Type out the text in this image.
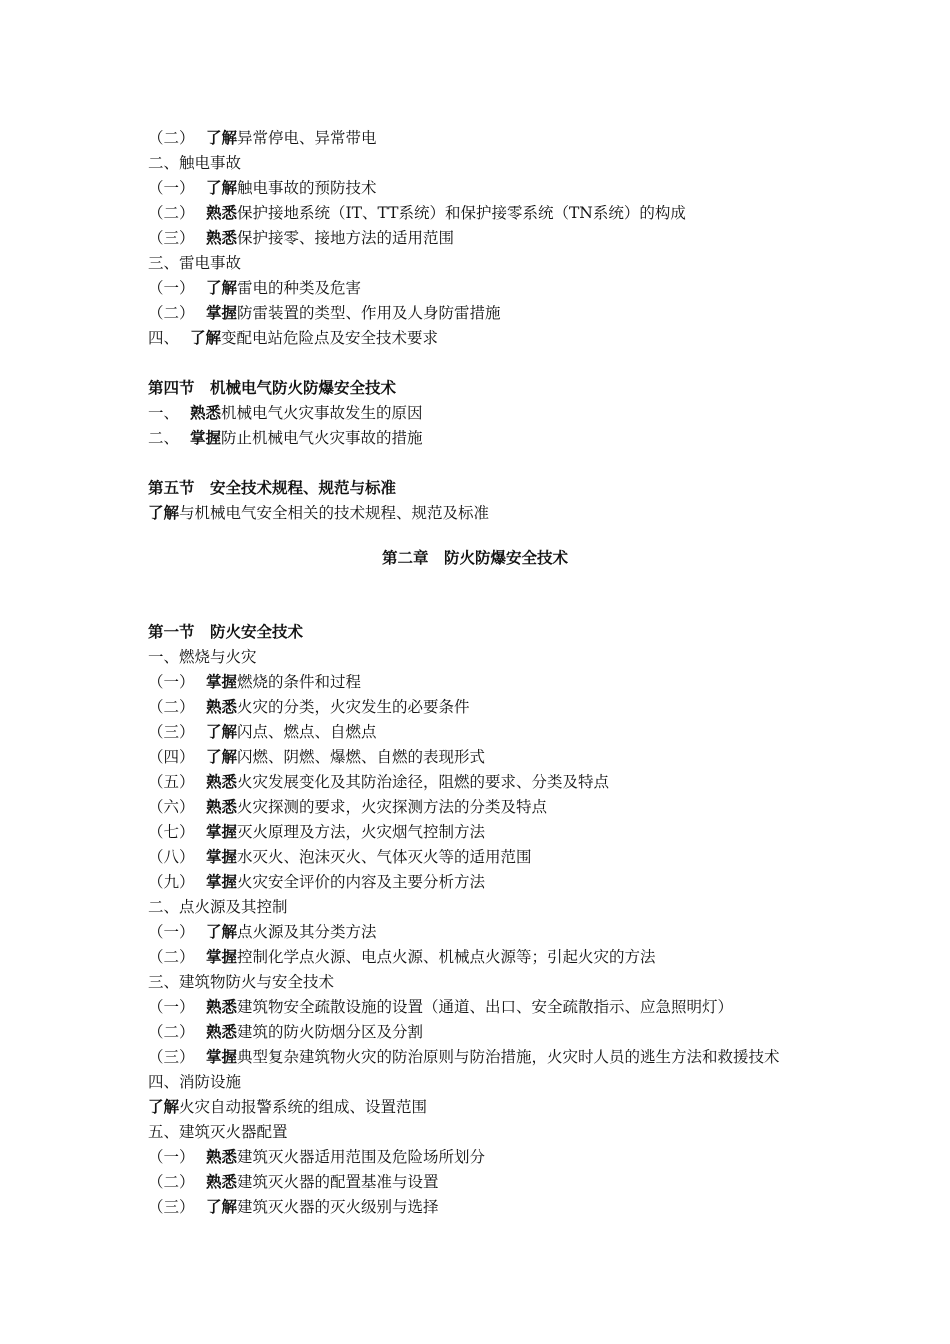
（二） 了解异常停电、异常带电
二、触电事故
（一） 了解触电事故的预防技术
（二） 熟悉保护接地系统（IT、TT系统）和保护接零系统（TN系统）的构成
（三） 熟悉保护接零、接地方法的适用范围
三、雷电事故
（一） 了解雷电的种类及危害
（二） 掌握防雷装置的类型、作用及人身防雷措施
四、 了解变配电站危险点及安全技术要求
第四节　机械电气防火防爆安全技术
一、 熟悉机械电气火灾事故发生的原因
二、 掌握防止机械电气火灾事故的措施
第五节　安全技术规程、规范与标准
了解与机械电气安全相关的技术规程、规范及标准
第二章　防火防爆安全技术
第一节　防火安全技术
一、燃烧与火灾
（一） 掌握燃烧的条件和过程
（二） 熟悉火灾的分类，火灾发生的必要条件
（三） 了解闪点、燃点、自燃点
（四） 了解闪燃、阴燃、爆燃、自燃的表现形式
（五） 熟悉火灾发展变化及其防治途径，阻燃的要求、分类及特点
（六） 熟悉火灾探测的要求，火灾探测方法的分类及特点
（七） 掌握灭火原理及方法，火灾烟气控制方法
（八） 掌握水灭火、泡沫灭火、气体灭火等的适用范围
（九） 掌握火灾安全评价的内容及主要分析方法
二、点火源及其控制
（一） 了解点火源及其分类方法
（二） 掌握控制化学点火源、电点火源、机械点火源等；引起火灾的方法
三、建筑物防火与安全技术
（一） 熟悉建筑物安全疏散设施的设置（通道、出口、安全疏散指示、应急照明灯）
（二） 熟悉建筑的防火防烟分区及分割
（三） 掌握典型复杂建筑物火灾的防治原则与防治措施，火灾时人员的逃生方法和救援技术
四、消防设施
了解火灾自动报警系统的组成、设置范围
五、建筑灭火器配置
（一） 熟悉建筑灭火器适用范围及危险场所划分
（二） 熟悉建筑灭火器的配置基准与设置
（三） 了解建筑灭火器的灭火级别与选择
